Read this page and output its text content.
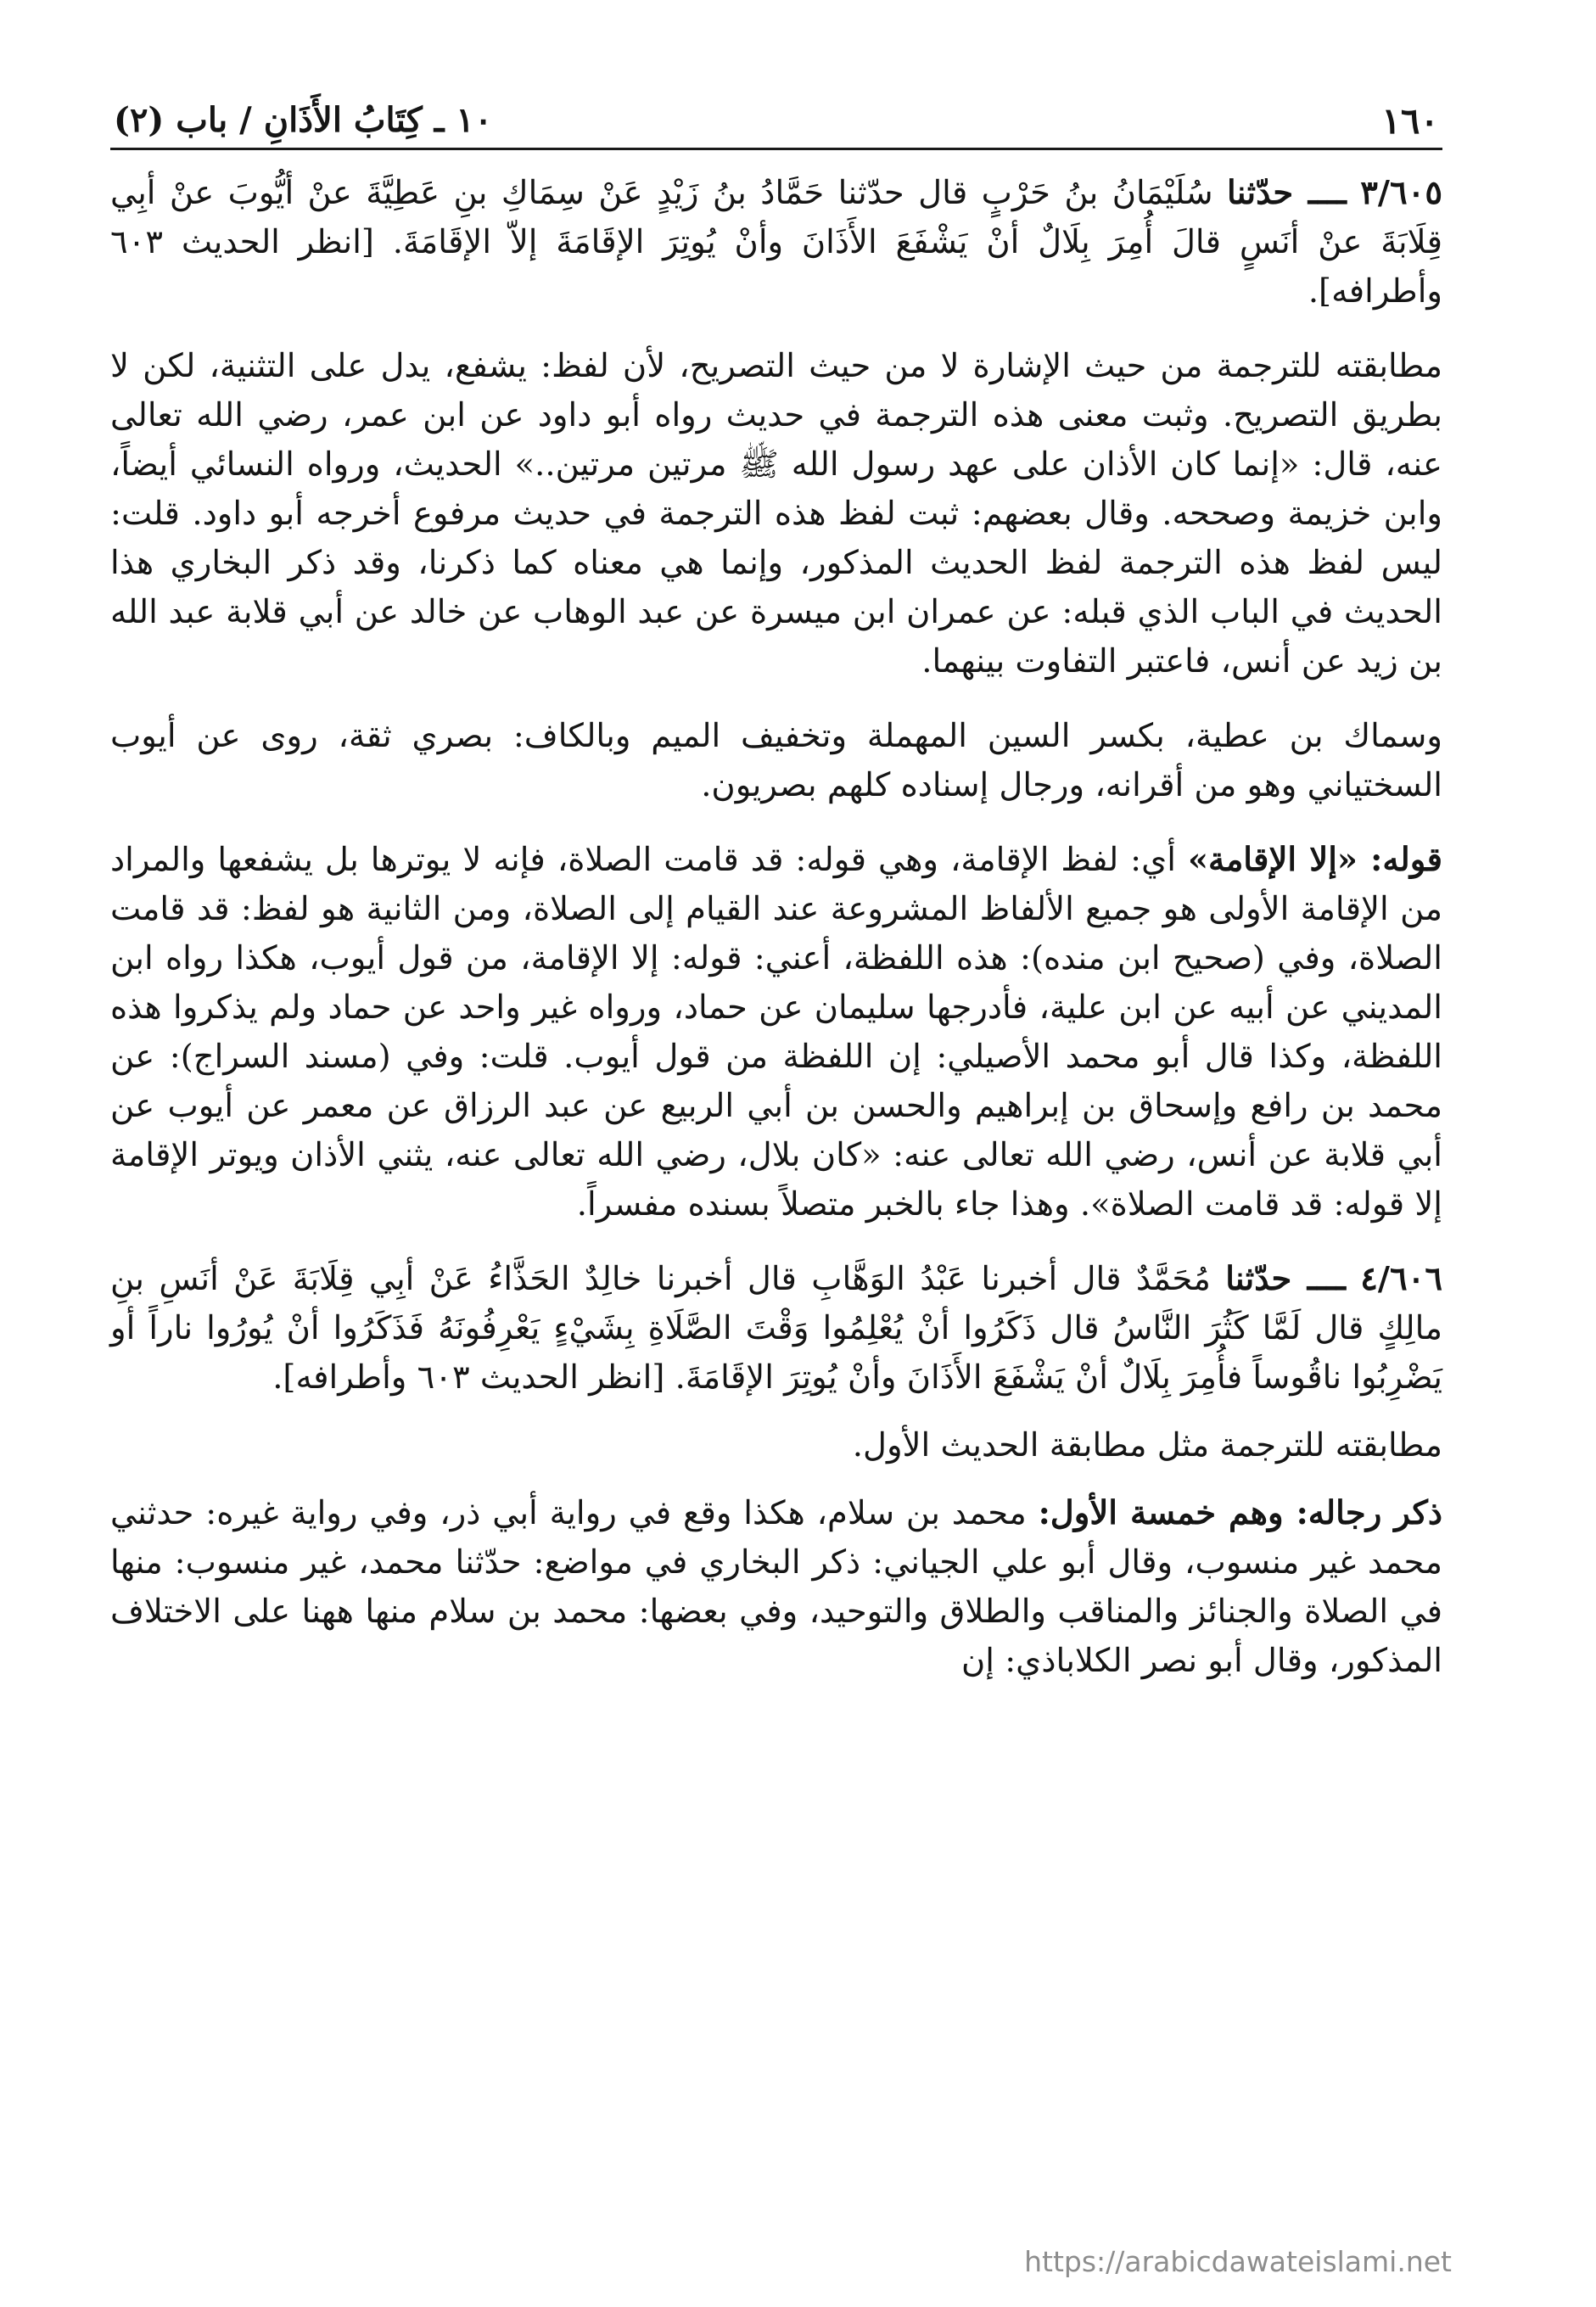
١٦٠
١٠ ـ كِتَابُ الأَذَانِ / باب (٢)

٣/٦٠٥ ــــ حدّثنا سُلَيْمَانُ بنُ حَرْبٍ قال حدّثنا حَمَّادُ بنُ زَيْدٍ عَنْ سِمَاكِ بنِ عَطِيَّةَ عنْ أيُّوبَ عنْ أبِي قِلَابَةَ عنْ أنَسٍ قالَ أُمِرَ بِلَالٌ أنْ يَشْفَعَ الأَذَانَ وأنْ يُوتِرَ الإقَامَةَ إلاّ الإقَامَةَ. [انظر الحديث ٦٠٣ وأطرافه].

مطابقته للترجمة من حيث الإشارة لا من حيث التصريح، لأن لفظ: يشفع، يدل على التثنية، لكن لا بطريق التصريح. وثبت معنى هذه الترجمة في حديث رواه أبو داود عن ابن عمر، رضي الله تعالى عنه، قال: «إنما كان الأذان على عهد رسول الله ﷺ مرتين مرتين..» الحديث، ورواه النسائي أيضاً، وابن خزيمة وصححه. وقال بعضهم: ثبت لفظ هذه الترجمة في حديث مرفوع أخرجه أبو داود. قلت: ليس لفظ هذه الترجمة لفظ الحديث المذكور، وإنما هي معناه كما ذكرنا، وقد ذكر البخاري هذا الحديث في الباب الذي قبله: عن عمران ابن ميسرة عن عبد الوهاب عن خالد عن أبي قلابة عبد الله بن زيد عن أنس، فاعتبر التفاوت بينهما.

وسماك بن عطية، بكسر السين المهملة وتخفيف الميم وبالكاف: بصري ثقة، روى عن أيوب السختياني وهو من أقرانه، ورجال إسناده كلهم بصريون.

قوله: «إلا الإقامة» أي: لفظ الإقامة، وهي قوله: قد قامت الصلاة، فإنه لا يوترها بل يشفعها والمراد من الإقامة الأولى هو جميع الألفاظ المشروعة عند القيام إلى الصلاة، ومن الثانية هو لفظ: قد قامت الصلاة، وفي (صحيح ابن منده): هذه اللفظة، أعني: قوله: إلا الإقامة، من قول أيوب، هكذا رواه ابن المديني عن أبيه عن ابن علية، فأدرجها سليمان عن حماد، ورواه غير واحد عن حماد ولم يذكروا هذه اللفظة، وكذا قال أبو محمد الأصيلي: إن اللفظة من قول أيوب. قلت: وفي (مسند السراج): عن محمد بن رافع وإسحاق بن إبراهيم والحسن بن أبي الربيع عن عبد الرزاق عن معمر عن أيوب عن أبي قلابة عن أنس، رضي الله تعالى عنه: «كان بلال، رضي الله تعالى عنه، يثني الأذان ويوتر الإقامة إلا قوله: قد قامت الصلاة». وهذا جاء بالخبر متصلاً بسنده مفسراً.

٤/٦٠٦ ــــ حدّثنا مُحَمَّدٌ قال أخبرنا عَبْدُ الوَهَّابِ قال أخبرنا خالِدٌ الحَذَّاءُ عَنْ أبِي قِلَابَةَ عَنْ أنَسِ بنِ مالِكٍ قال لَمَّا كَثُرَ النَّاسُ قال ذَكَرُوا أنْ يُعْلِمُوا وَقْتَ الصَّلَاةِ بِشَيْءٍ يَعْرِفُونَهُ فَذَكَرُوا أنْ يُورُوا ناراً أو يَضْرِبُوا ناقُوساً فأُمِرَ بِلَالٌ أنْ يَشْفَعَ الأَذَانَ وأنْ يُوتِرَ الإقَامَةَ. [انظر الحديث ٦٠٣ وأطرافه].

مطابقته للترجمة مثل مطابقة الحديث الأول.

ذكر رجاله: وهم خمسة الأول: محمد بن سلام، هكذا وقع في رواية أبي ذر، وفي رواية غيره: حدثني محمد غير منسوب، وقال أبو علي الجياني: ذكر البخاري في مواضع: حدّثنا محمد، غير منسوب: منها في الصلاة والجنائز والمناقب والطلاق والتوحيد، وفي بعضها: محمد بن سلام منها ههنا على الاختلاف المذكور، وقال أبو نصر الكلاباذي: إن

https://arabicdawateislami.net
